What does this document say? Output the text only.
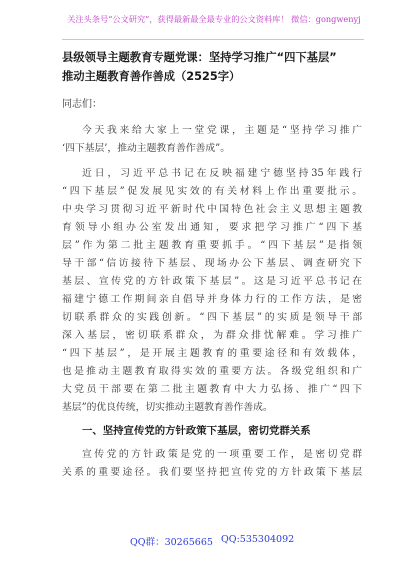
关注头条号“公文研究”，获得最新最全最专业的公文资料库！ 微信：gongwenyj

县级领导主题教育专题党课：坚持学习推广“四下基层”

推动主题教育善作善成（2525字）

同志们：

今天我来给大家上一堂党课，主题是“坚持学习推广

‘四下基层’，推动主题教育善作善成”。

近日，习近平总书记在反映福建宁德坚持35年践行

“四下基层”促发展见实效的有关材料上作出重要批示。

中央学习贯彻习近平新时代中国特色社会主义思想主题教

育领导小组办公室发出通知，要求把学习推广“四下基

层”作为第二批主题教育重要抓手。“四下基层”是指领

导干部“信访接待下基层、现场办公下基层、调查研究下

基层、宣传党的方针政策下基层”。这是习近平总书记在

福建宁德工作期间亲自倡导并身体力行的工作方法，是密

切联系群众的实践创新。“四下基层”的实质是领导干部

深入基层，密切联系群众，为群众排忧解难。学习推广

“四下基层”，是开展主题教育的重要途径和有效载体，

也是推动主题教育取得实效的重要方法。各级党组织和广

大党员干部要在第二批主题教育中大力弘扬、推广“四下

基层”的优良传统，切实推动主题教育善作善成。

一、坚持宣传党的方针政策下基层，密切党群关系

宣传党的方针政策是党的一项重要工作，是密切党群

关系的重要途径。我们要坚持把宣传党的方针政策下基层

QQ群：30265665 QQ:535304092
